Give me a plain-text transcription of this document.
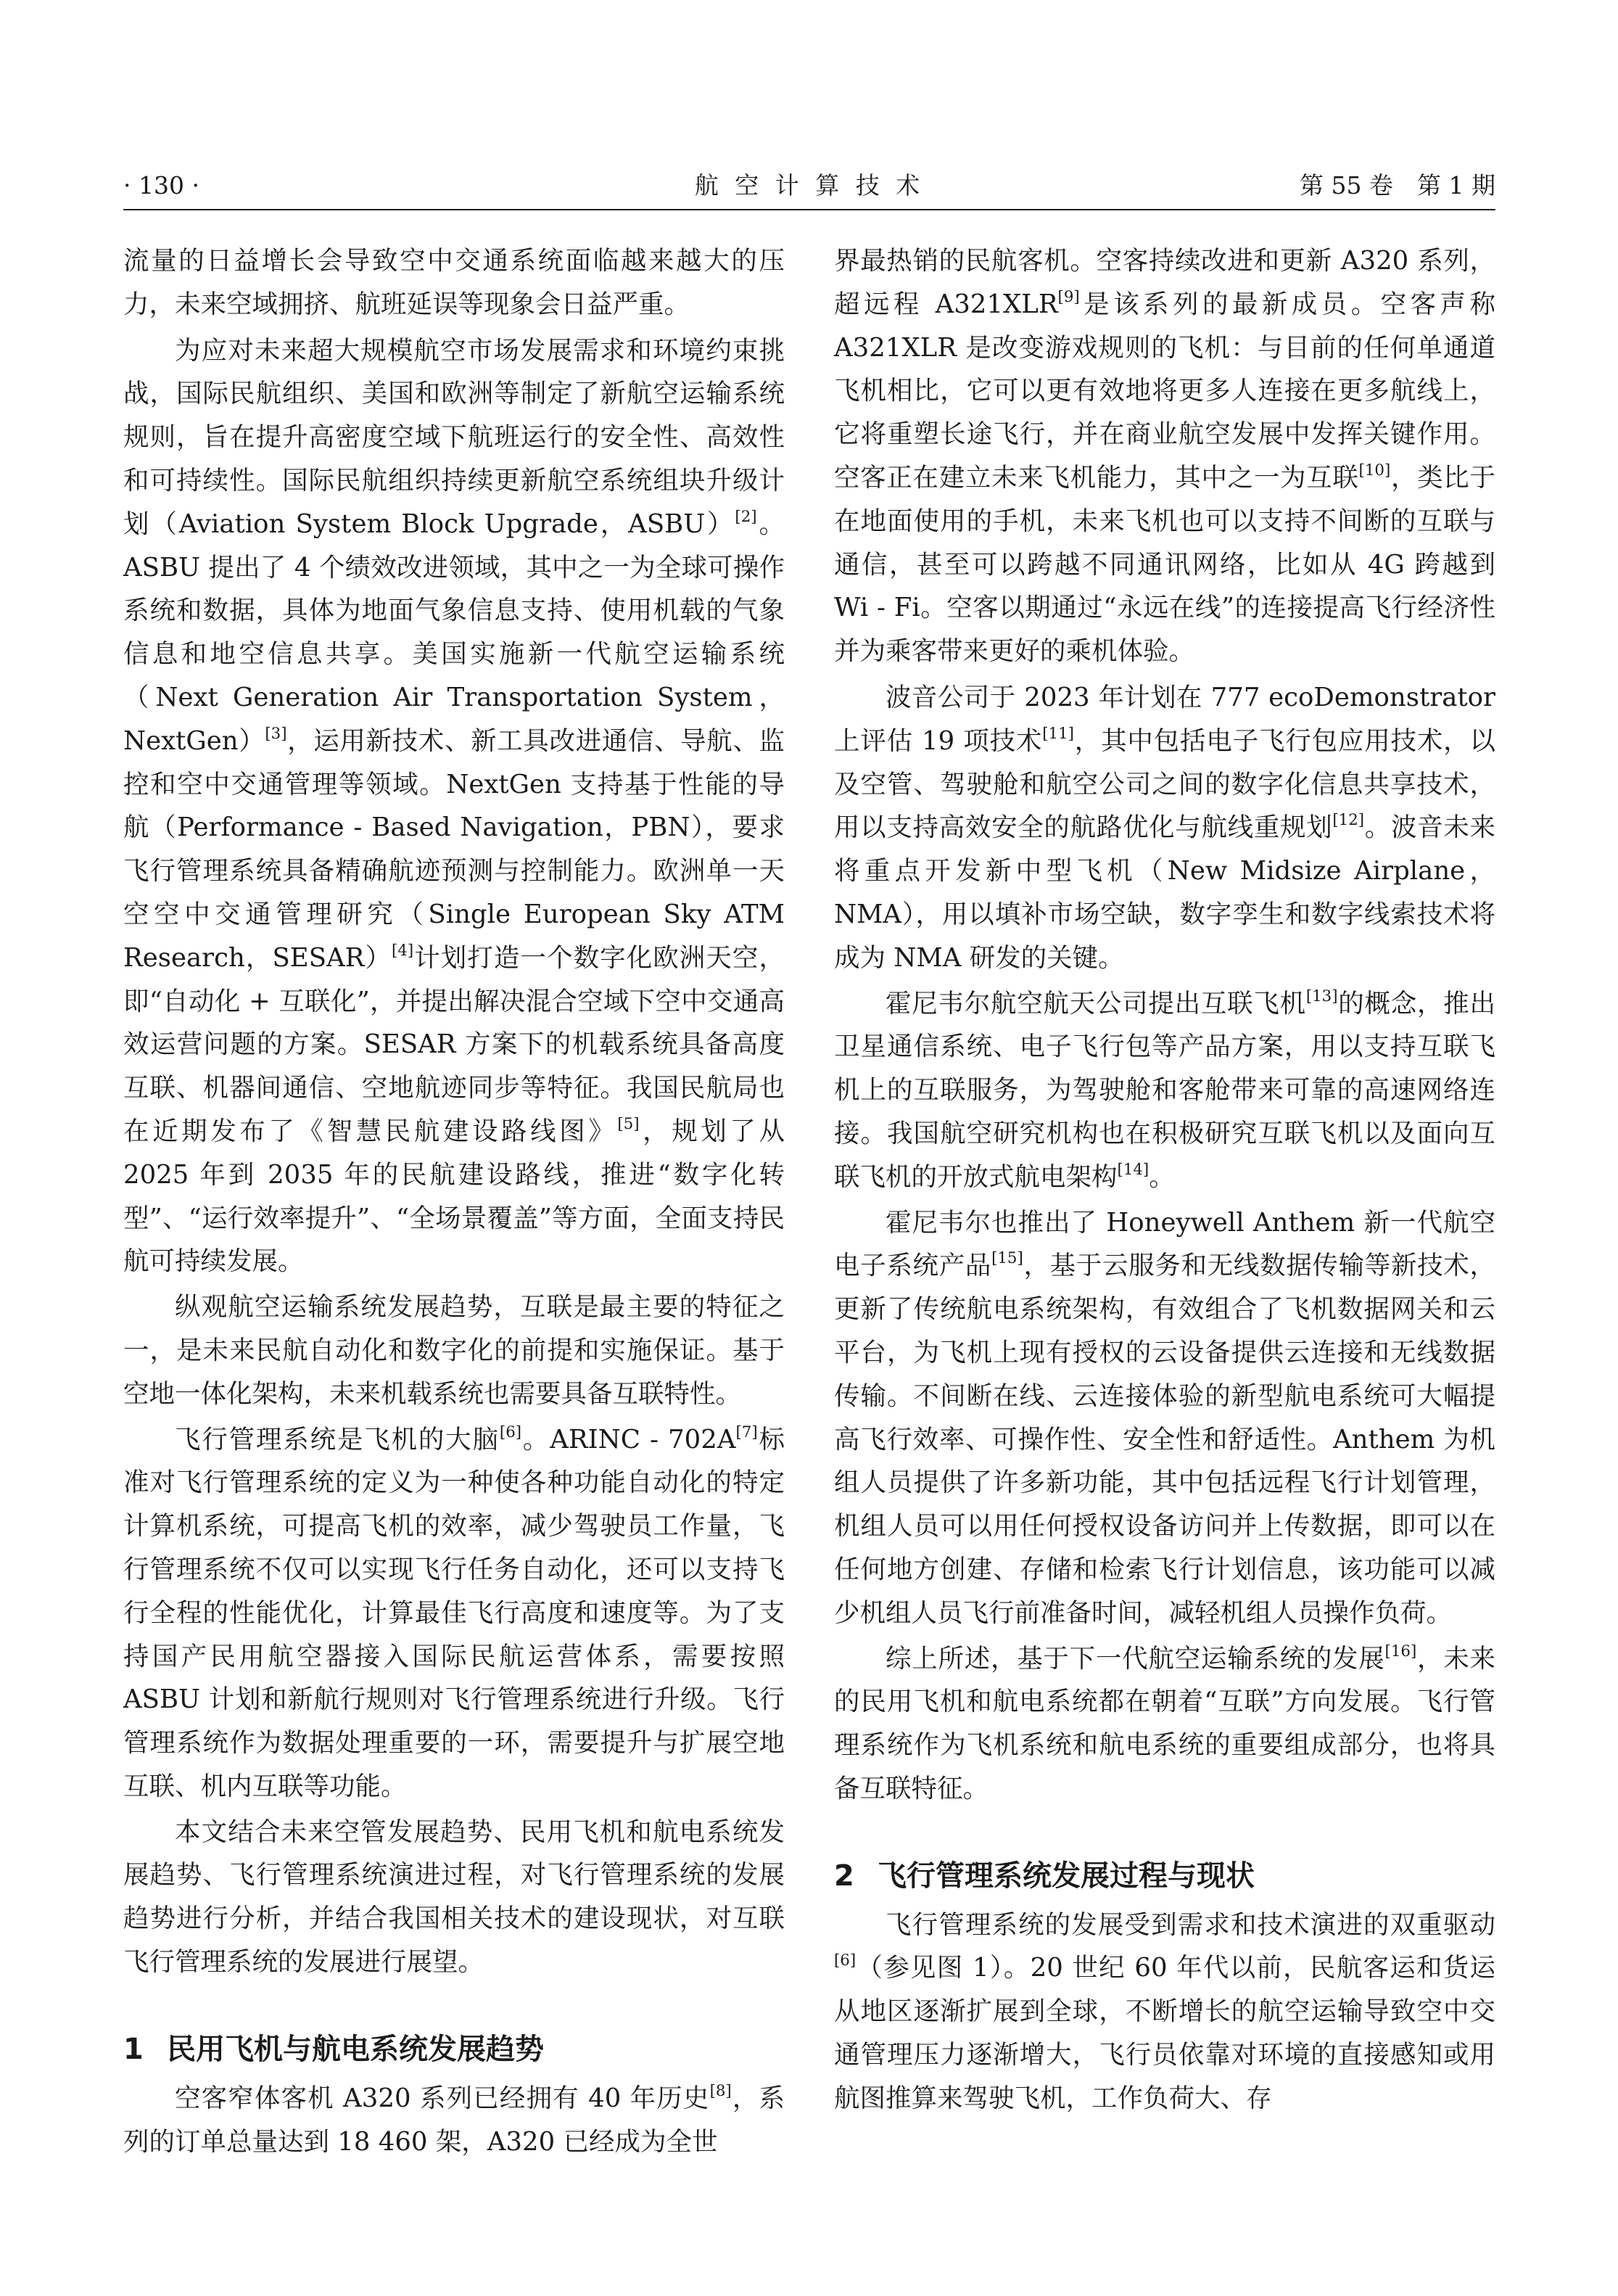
· 130 ·	航 空 计 算 技 术	第 55 卷　第 1 期

流量的日益增长会导致空中交通系统面临越来越大的压力，未来空域拥挤、航班延误等现象会日益严重。

为应对未来超大规模航空市场发展需求和环境约束挑战，国际民航组织、美国和欧洲等制定了新航空运输系统规则，旨在提升高密度空域下航班运行的安全性、高效性和可持续性。国际民航组织持续更新航空系统组块升级计划（Aviation System Block Upgrade，ASBU）[2]。ASBU 提出了 4 个绩效改进领域，其中之一为全球可操作系统和数据，具体为地面气象信息支持、使用机载的气象信息和地空信息共享。美国实施新一代航空运输系统（Next Generation Air Transportation System，NextGen）[3]，运用新技术、新工具改进通信、导航、监控和空中交通管理等领域。NextGen 支持基于性能的导航（Performance - Based Navigation，PBN），要求飞行管理系统具备精确航迹预测与控制能力。欧洲单一天空空中交通管理研究（Single European Sky ATM Research，SESAR）[4]计划打造一个数字化欧洲天空，即“自动化 + 互联化”，并提出解决混合空域下空中交通高效运营问题的方案。SESAR 方案下的机载系统具备高度互联、机器间通信、空地航迹同步等特征。我国民航局也在近期发布了《智慧民航建设路线图》[5]，规划了从 2025 年到 2035 年的民航建设路线，推进“数字化转型”、“运行效率提升”、“全场景覆盖”等方面，全面支持民航可持续发展。

纵观航空运输系统发展趋势，互联是最主要的特征之一，是未来民航自动化和数字化的前提和实施保证。基于空地一体化架构，未来机载系统也需要具备互联特性。

飞行管理系统是飞机的大脑[6]。ARINC - 702A[7]标准对飞行管理系统的定义为一种使各种功能自动化的特定计算机系统，可提高飞机的效率，减少驾驶员工作量，飞行管理系统不仅可以实现飞行任务自动化，还可以支持飞行全程的性能优化，计算最佳飞行高度和速度等。为了支持国产民用航空器接入国际民航运营体系，需要按照 ASBU 计划和新航行规则对飞行管理系统进行升级。飞行管理系统作为数据处理重要的一环，需要提升与扩展空地互联、机内互联等功能。

本文结合未来空管发展趋势、民用飞机和航电系统发展趋势、飞行管理系统演进过程，对飞行管理系统的发展趋势进行分析，并结合我国相关技术的建设现状，对互联飞行管理系统的发展进行展望。

1 民用飞机与航电系统发展趋势

空客窄体客机 A320 系列已经拥有 40 年历史[8]，系列的订单总量达到 18 460 架，A320 已经成为全世

界最热销的民航客机。空客持续改进和更新 A320 系列，超远程 A321XLR[9]是该系列的最新成员。空客声称 A321XLR 是改变游戏规则的飞机：与目前的任何单通道飞机相比，它可以更有效地将更多人连接在更多航线上，它将重塑长途飞行，并在商业航空发展中发挥关键作用。空客正在建立未来飞机能力，其中之一为互联[10]，类比于在地面使用的手机，未来飞机也可以支持不间断的互联与通信，甚至可以跨越不同通讯网络，比如从 4G 跨越到 Wi - Fi。空客以期通过“永远在线”的连接提高飞行经济性并为乘客带来更好的乘机体验。

波音公司于 2023 年计划在 777 ecoDemonstrator 上评估 19 项技术[11]，其中包括电子飞行包应用技术，以及空管、驾驶舱和航空公司之间的数字化信息共享技术，用以支持高效安全的航路优化与航线重规划[12]。波音未来将重点开发新中型飞机（New Midsize Airplane，NMA），用以填补市场空缺，数字孪生和数字线索技术将成为 NMA 研发的关键。

霍尼韦尔航空航天公司提出互联飞机[13]的概念，推出卫星通信系统、电子飞行包等产品方案，用以支持互联飞机上的互联服务，为驾驶舱和客舱带来可靠的高速网络连接。我国航空研究机构也在积极研究互联飞机以及面向互联飞机的开放式航电架构[14]。

霍尼韦尔也推出了 Honeywell Anthem 新一代航空电子系统产品[15]，基于云服务和无线数据传输等新技术，更新了传统航电系统架构，有效组合了飞机数据网关和云平台，为飞机上现有授权的云设备提供云连接和无线数据传输。不间断在线、云连接体验的新型航电系统可大幅提高飞行效率、可操作性、安全性和舒适性。Anthem 为机组人员提供了许多新功能，其中包括远程飞行计划管理，机组人员可以用任何授权设备访问并上传数据，即可以在任何地方创建、存储和检索飞行计划信息，该功能可以减少机组人员飞行前准备时间，减轻机组人员操作负荷。

综上所述，基于下一代航空运输系统的发展[16]，未来的民用飞机和航电系统都在朝着“互联”方向发展。飞行管理系统作为飞机系统和航电系统的重要组成部分，也将具备互联特征。

2 飞行管理系统发展过程与现状

飞行管理系统的发展受到需求和技术演进的双重驱动[6]（参见图 1）。20 世纪 60 年代以前，民航客运和货运从地区逐渐扩展到全球，不断增长的航空运输导致空中交通管理压力逐渐增大，飞行员依靠对环境的直接感知或用航图推算来驾驶飞机，工作负荷大、存
